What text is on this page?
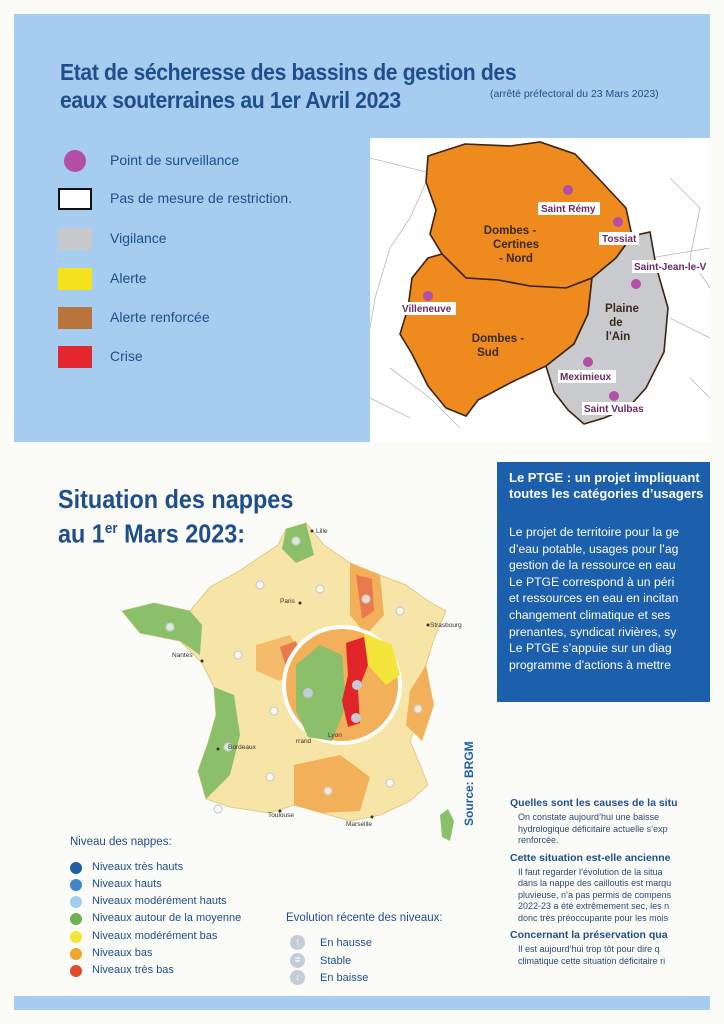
Etat de sécheresse des bassins de gestion des
eaux souterraines au 1er Avril 2023	(arrêté préfectoral du 23 Mars 2023)
Point de surveillance
Pas de mesure de restriction.
Vigilance
Alerte
Alerte renforcée
Crise
Saint Rémy
Tossiat
Saint-Jean-le-V
Villeneuve
Meximieux
Saint Vulbas
Dombes -
Certines
- Nord
Dombes -
Sud
Plaine
de
l'Ain
Situation des nappes
au 1er Mars 2023:	Lille
Paris
Strasbourg
Nantes
Bordeaux
Toulouse
Marseille
rrand
Lyon
Source: BRGM
Niveau des nappes:
Niveaux très hauts
Niveaux hauts
Niveaux modérément hauts
Niveaux autour de la moyenne
Niveaux modérément bas
Niveaux bas
Niveaux très bas
Evolution récente des niveaux:
↑	En hausse
=	Stable
↓	En baisse

Le PTGE : un projet impliquant toutes les catégories d’usagers

Le projet de territoire pour la ge
d’eau potable, usages pour l’ag
gestion de la ressource en eau
Le PTGE correspond à un péri
et ressources en eau en incitan
changement climatique et ses
prenantes, syndicat rivières, sy
Le PTGE s’appuie sur un diag
programme d’actions à mettre

Quelles sont les causes de la situ

On constate aujourd’hui une baisse
hydrologique déficitaire actuelle s’exp
renforcée.

Cette situation est-elle ancienne

Il faut regarder l’évolution de la situa
dans la nappe des cailloutis est marqu
pluvieuse, n’a pas permis de compens
2022-23 a été extrêmement sec, les n
donc très préoccupante pour les mois

Concernant la préservation qua

Il est aujourd’hui trop tôt pour dire q
climatique cette situation déficitaire ri
